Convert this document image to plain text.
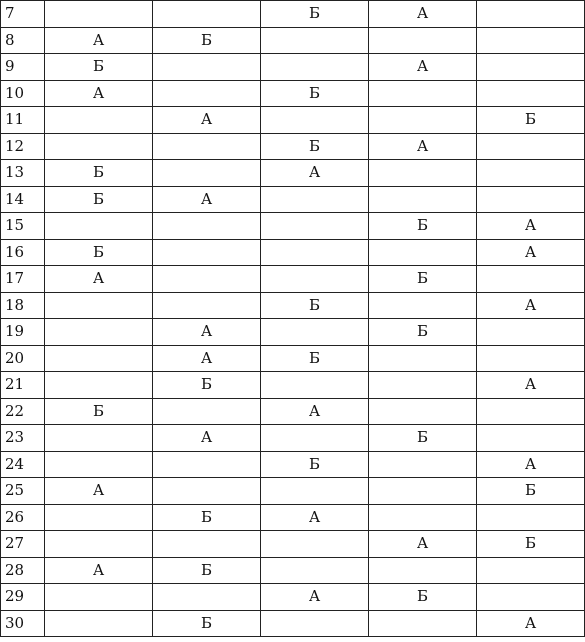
7			Б	А	
8	А	Б			
9	Б			А	
10	А		Б		
11		А			Б
12			Б	А	
13	Б		А		
14	Б	А			
15				Б	А
16	Б				А
17	А			Б	
18			Б		А
19		А		Б	
20		А	Б		
21		Б			А
22	Б		А		
23		А		Б	
24			Б		А
25	А				Б
26		Б	А		
27				А	Б
28	А	Б			
29			А	Б	
30		Б			А
